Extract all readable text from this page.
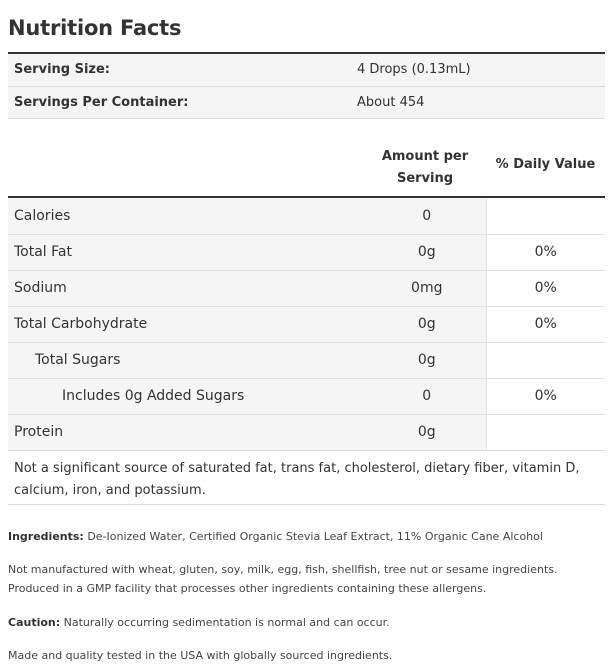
Nutrition Facts
Serving Size:	4 Drops (0.13mL)
Servings Per Container:	About 454
Amount per
Serving
% Daily Value
Calories	0	
Total Fat	0g	0%
Sodium	0mg	0%
Total Carbohydrate	0g	0%
Total Sugars	0g	
Includes 0g Added Sugars	0	0%
Protein	0g	
Not a significant source of saturated fat, trans fat, cholesterol, dietary fiber, vitamin D, calcium, iron, and potassium.
Ingredients: De-Ionized Water, Certified Organic Stevia Leaf Extract, 11% Organic Cane Alcohol
Not manufactured with wheat, gluten, soy, milk, egg, fish, shellfish, tree nut or sesame ingredients. Produced in a GMP facility that processes other ingredients containing these allergens.
Caution: Naturally occurring sedimentation is normal and can occur.
Made and quality tested in the USA with globally sourced ingredients.
